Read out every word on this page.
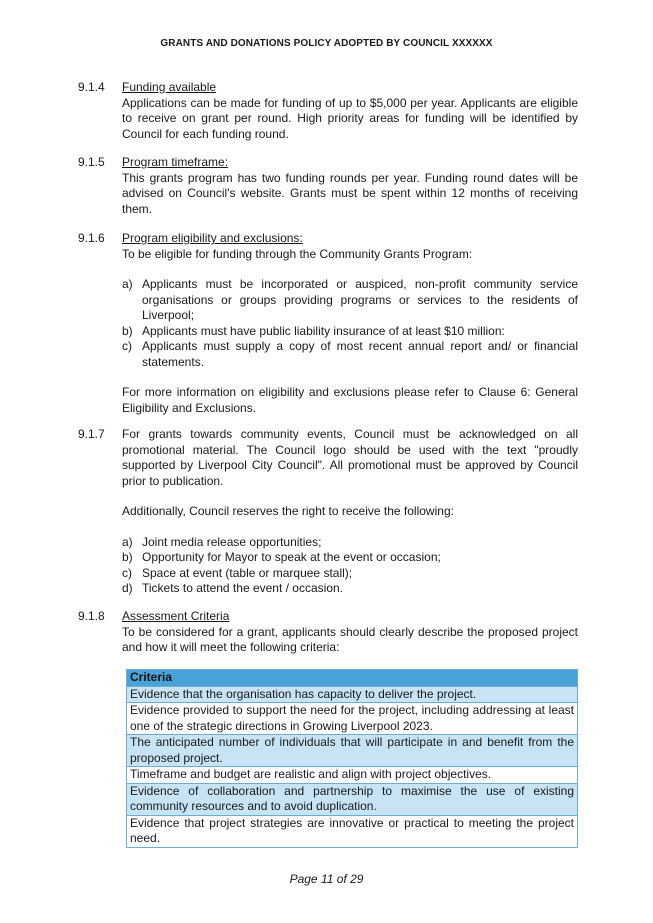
GRANTS AND DONATIONS POLICY ADOPTED BY COUNCIL XXXXXX
9.1.4	Funding available

Applications can be made for funding of up to $5,000 per year. Applicants are eligible to receive on grant per round. High priority areas for funding will be identified by Council for each funding round.

9.1.5	Program timeframe:

This grants program has two funding rounds per year. Funding round dates will be advised on Council's website. Grants must be spent within 12 months of receiving them.

9.1.6	Program eligibility and exclusions:

To be eligible for funding through the Community Grants Program:

a) Applicants must be incorporated or auspiced, non-profit community service organisations or groups providing programs or services to the residents of Liverpool;
b) Applicants must have public liability insurance of at least $10 million:
c) Applicants must supply a copy of most recent annual report and/ or financial statements.

For more information on eligibility and exclusions please refer to Clause 6: General Eligibility and Exclusions.

9.1.7	For grants towards community events, Council must be acknowledged on all promotional material. The Council logo should be used with the text "proudly supported by Liverpool City Council". All promotional must be approved by Council prior to publication.

Additionally, Council reserves the right to receive the following:

a) Joint media release opportunities;
b) Opportunity for Mayor to speak at the event or occasion;
c) Space at event (table or marquee stall);
d) Tickets to attend the event / occasion.
9.1.8	Assessment Criteria

To be considered for a grant, applicants should clearly describe the proposed project and how it will meet the following criteria:

Criteria
Evidence that the organisation has capacity to deliver the project.
Evidence provided to support the need for the project, including addressing at least one of the strategic directions in Growing Liverpool 2023.
The anticipated number of individuals that will participate in and benefit from the proposed project.
Timeframe and budget are realistic and align with project objectives.
Evidence of collaboration and partnership to maximise the use of existing community resources and to avoid duplication.
Evidence that project strategies are innovative or practical to meeting the project need.
Page 11 of 29
